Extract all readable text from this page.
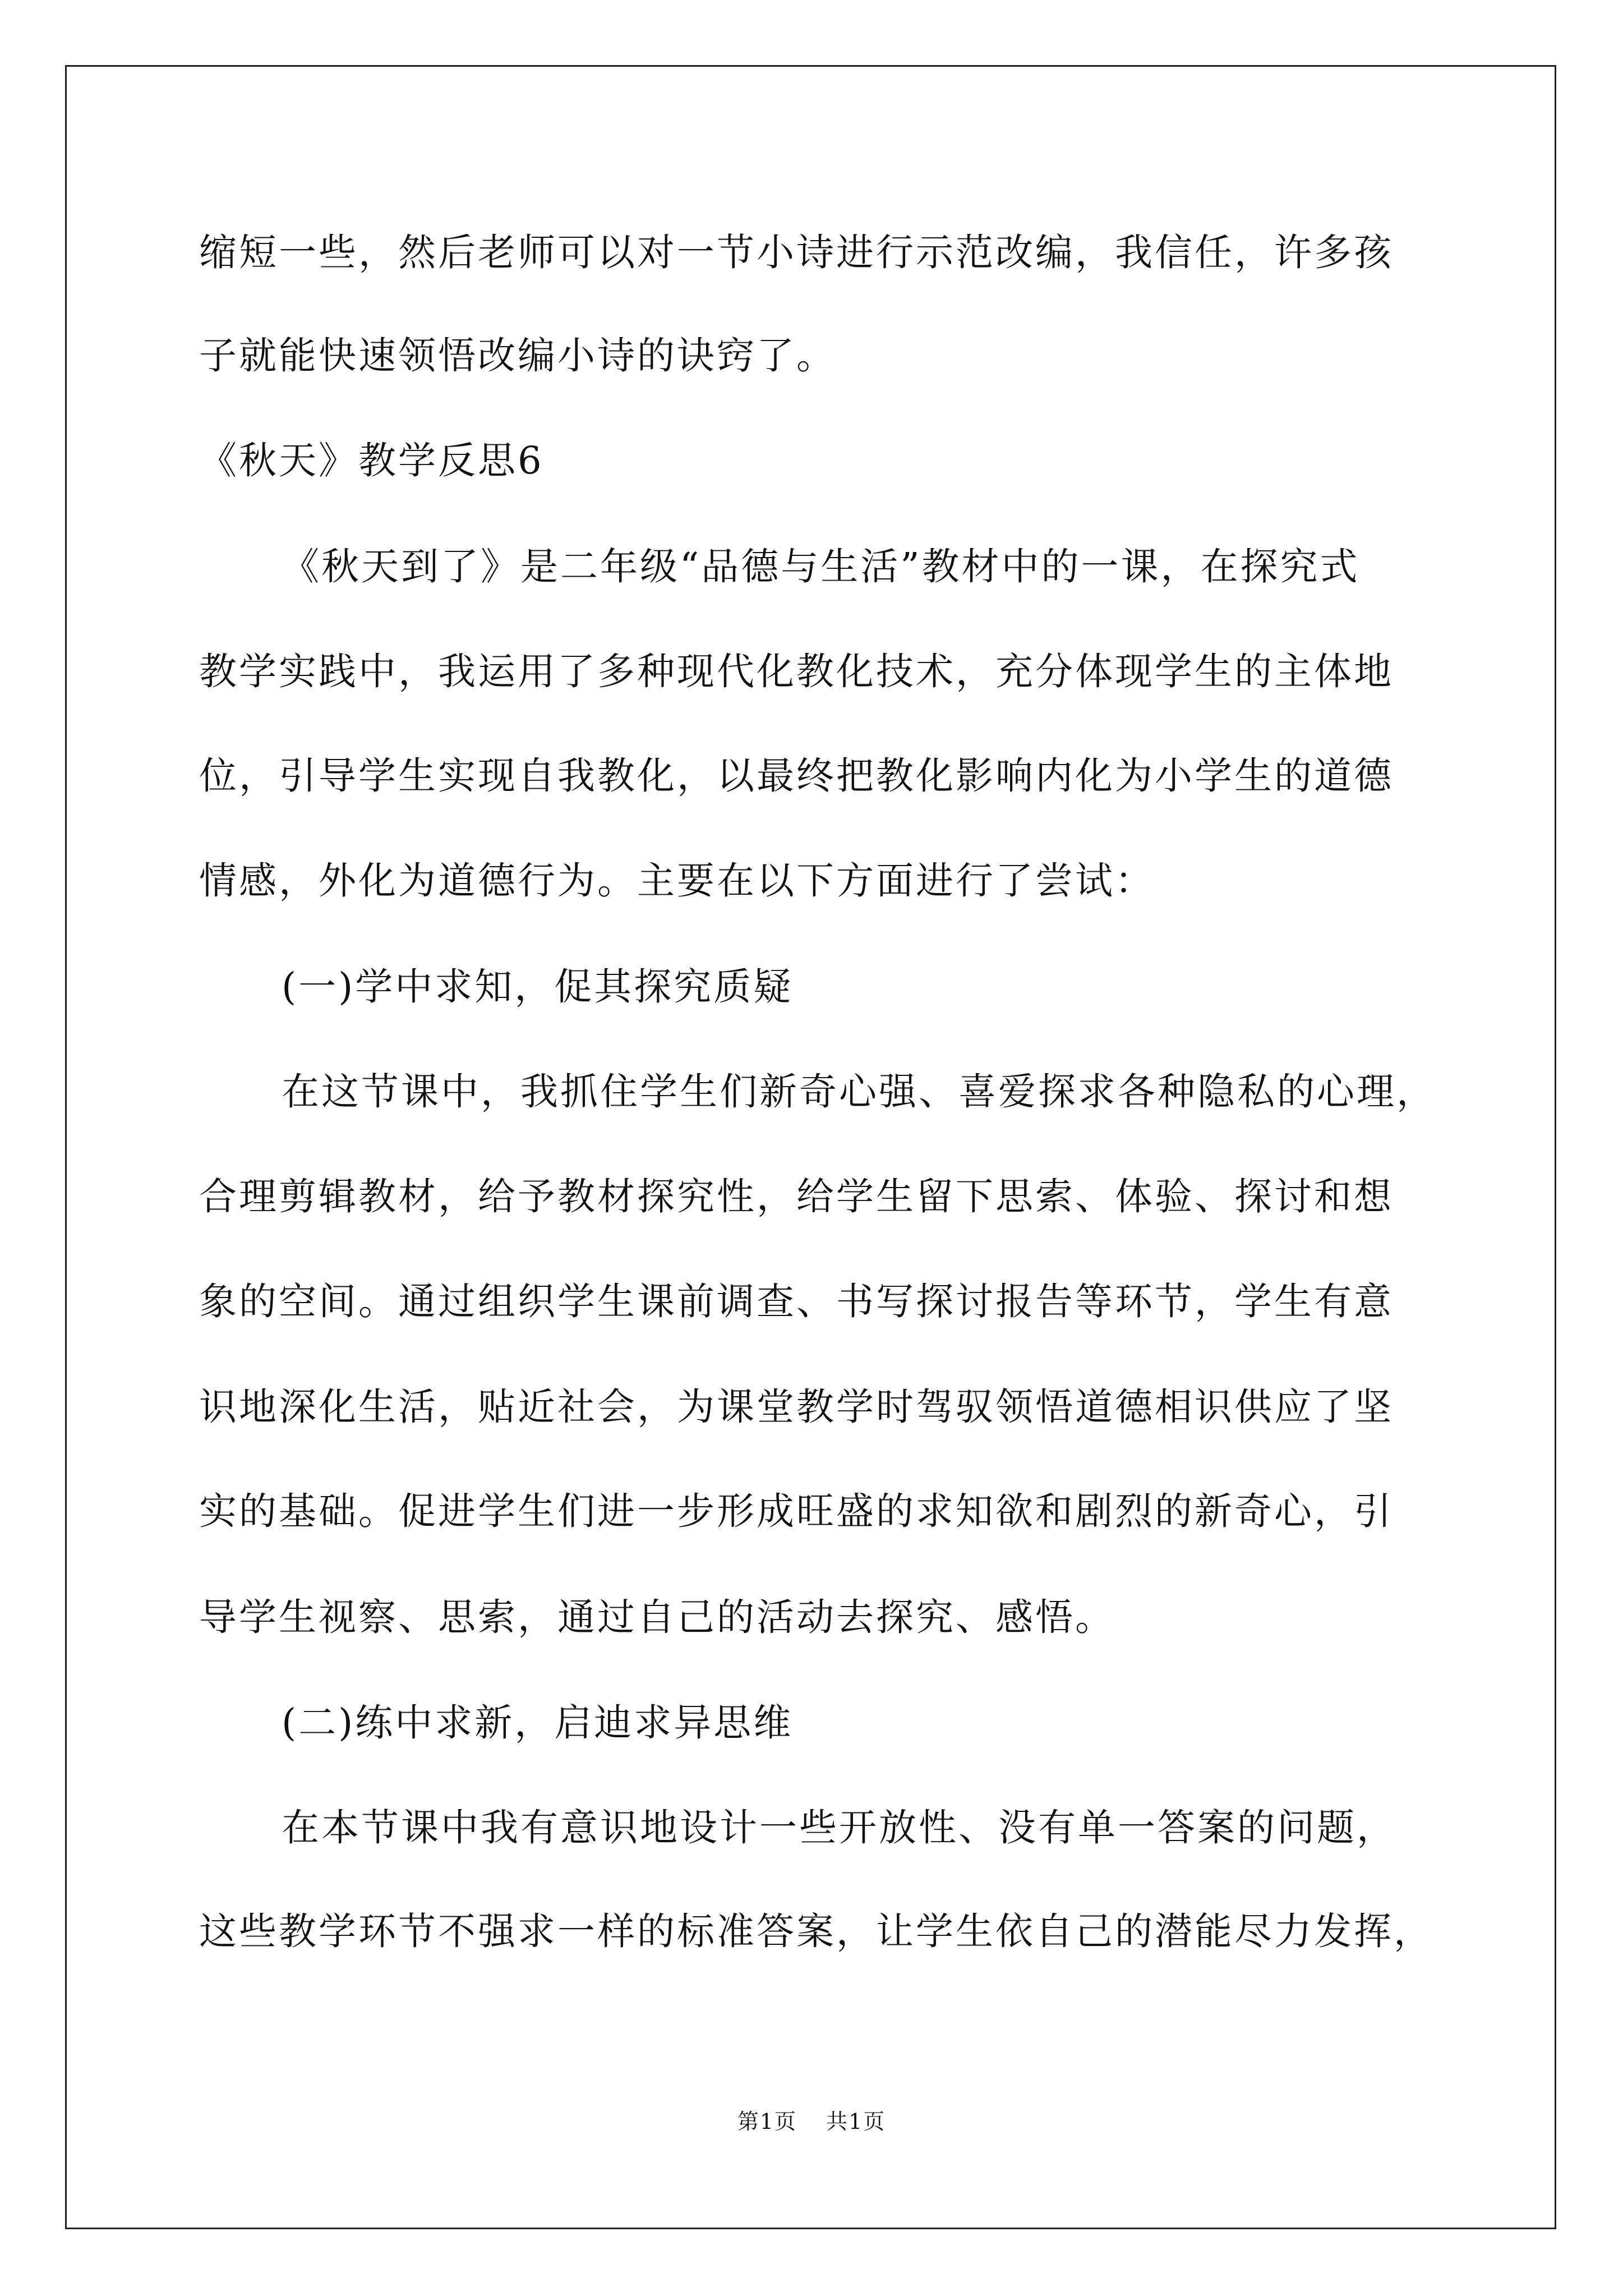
缩短一些，然后老师可以对一节小诗进行示范改编，我信任，许多孩
子就能快速领悟改编小诗的诀窍了。
《秋天》教学反思6
《秋天到了》是二年级“品德与生活”教材中的一课，在探究式
教学实践中，我运用了多种现代化教化技术，充分体现学生的主体地
位，引导学生实现自我教化，以最终把教化影响内化为小学生的道德
情感，外化为道德行为。主要在以下方面进行了尝试：
(一)学中求知，促其探究质疑
在这节课中，我抓住学生们新奇心强、喜爱探求各种隐私的心理，
合理剪辑教材，给予教材探究性，给学生留下思索、体验、探讨和想
象的空间。通过组织学生课前调查、书写探讨报告等环节，学生有意
识地深化生活，贴近社会，为课堂教学时驾驭领悟道德相识供应了坚
实的基础。促进学生们进一步形成旺盛的求知欲和剧烈的新奇心，引
导学生视察、思索，通过自己的活动去探究、感悟。
(二)练中求新，启迪求异思维
在本节课中我有意识地设计一些开放性、没有单一答案的问题，
这些教学环节不强求一样的标准答案，让学生依自己的潜能尽力发挥，
第1页 共1页
